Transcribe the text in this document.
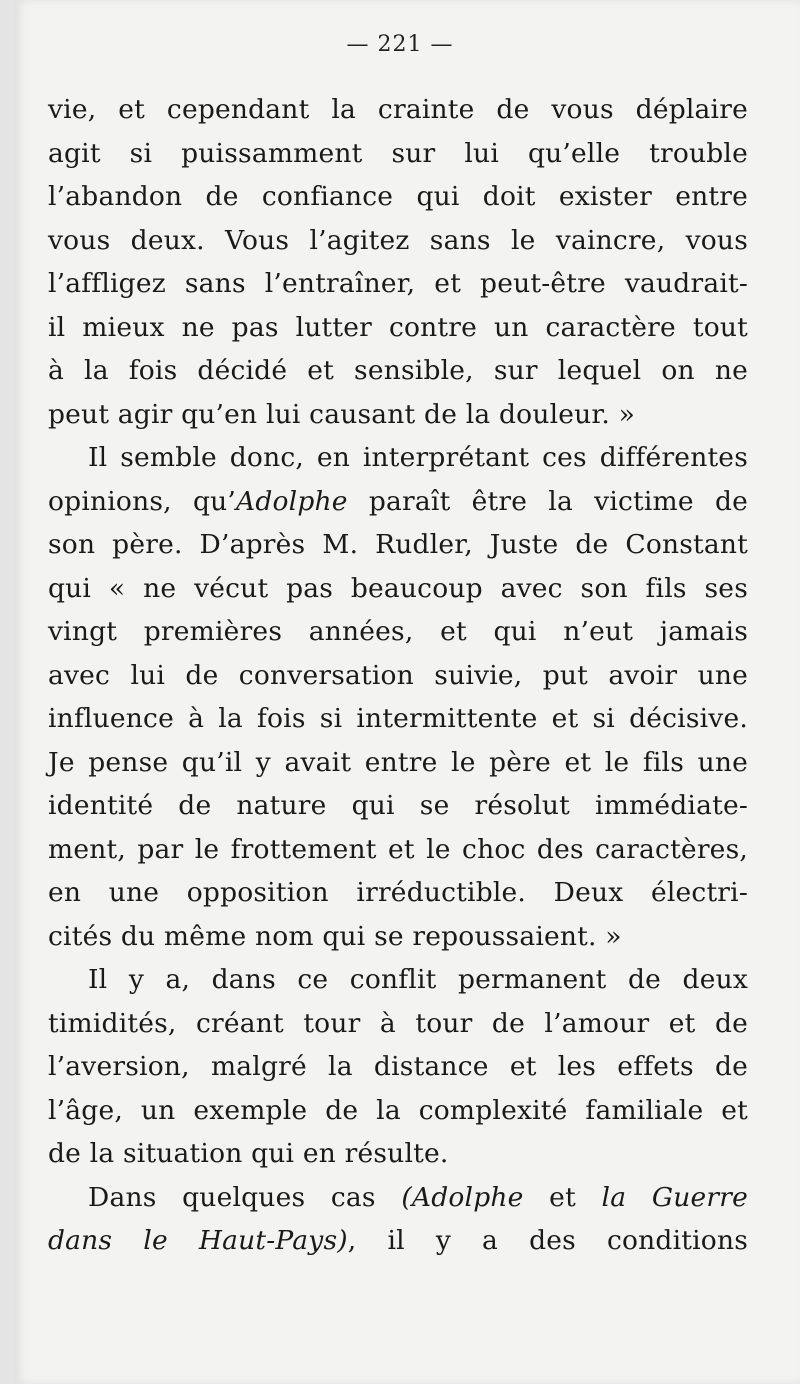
— 221 —
vie, et cependant la crainte de vous déplaire
agit si puissamment sur lui qu’elle trouble
l’abandon de confiance qui doit exister entre
vous deux. Vous l’agitez sans le vaincre, vous
l’affligez sans l’entraîner, et peut-être vaudrait-
il mieux ne pas lutter contre un caractère tout
à la fois décidé et sensible, sur lequel on ne
peut agir qu’en lui causant de la douleur. »
Il semble donc, en interprétant ces différentes
opinions, qu’Adolphe paraît être la victime de
son père. D’après M. Rudler, Juste de Constant
qui « ne vécut pas beaucoup avec son fils ses
vingt premières années, et qui n’eut jamais
avec lui de conversation suivie, put avoir une
influence à la fois si intermittente et si décisive.
Je pense qu’il y avait entre le père et le fils une
identité de nature qui se résolut immédiate-
ment, par le frottement et le choc des caractères,
en une opposition irréductible. Deux électri-
cités du même nom qui se repoussaient. »
Il y a, dans ce conflit permanent de deux
timidités, créant tour à tour de l’amour et de
l’aversion, malgré la distance et les effets de
l’âge, un exemple de la complexité familiale et
de la situation qui en résulte.
Dans quelques cas (Adolphe et la Guerre
dans le Haut-Pays), il y a des conditions
